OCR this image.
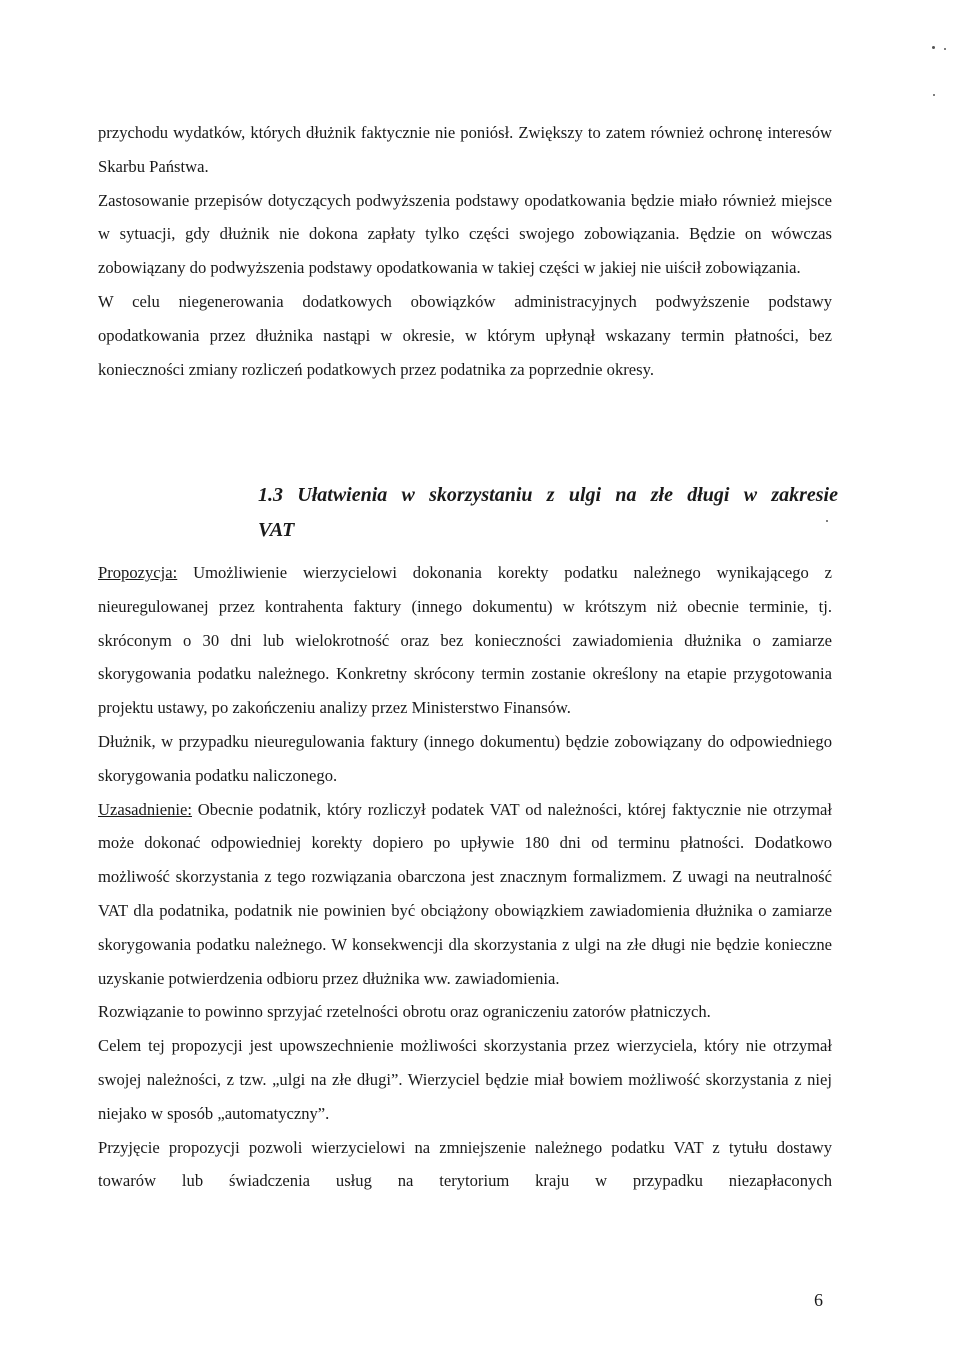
przychodu wydatków, których dłużnik faktycznie nie poniósł. Zwiększy to zatem również ochronę interesów Skarbu Państwa.

Zastosowanie przepisów dotyczących podwyższenia podstawy opodatkowania będzie miało również miejsce w sytuacji, gdy dłużnik nie dokona zapłaty tylko części swojego zobowiązania. Będzie on wówczas zobowiązany do podwyższenia podstawy opodatkowania w takiej części w jakiej nie uiścił zobowiązania.

W celu niegenerowania dodatkowych obowiązków administracyjnych podwyższenie podstawy opodatkowania przez dłużnika nastąpi w okresie, w którym upłynął wskazany termin płatności, bez konieczności zmiany rozliczeń podatkowych przez podatnika za poprzednie okresy.

1.3 Ułatwienia w skorzystaniu z ulgi na złe długi w zakresie
VAT

Propozycja: Umożliwienie wierzycielowi dokonania korekty podatku należnego wynikającego z nieuregulowanej przez kontrahenta faktury (innego dokumentu) w krótszym niż obecnie terminie, tj. skróconym o 30 dni lub wielokrotność oraz bez konieczności zawiadomienia dłużnika o zamiarze skorygowania podatku należnego. Konkretny skrócony termin zostanie określony na etapie przygotowania projektu ustawy, po zakończeniu analizy przez Ministerstwo Finansów.

Dłużnik, w przypadku nieuregulowania faktury (innego dokumentu) będzie zobowiązany do odpowiedniego skorygowania podatku naliczonego.

Uzasadnienie: Obecnie podatnik, który rozliczył podatek VAT od należności, której faktycznie nie otrzymał może dokonać odpowiedniej korekty dopiero po upływie 180 dni od terminu płatności. Dodatkowo możliwość skorzystania z tego rozwiązania obarczona jest znacznym formalizmem. Z uwagi na neutralność VAT dla podatnika, podatnik nie powinien być obciążony obowiązkiem zawiadomienia dłużnika o zamiarze skorygowania podatku należnego. W konsekwencji dla skorzystania z ulgi na złe długi nie będzie konieczne uzyskanie potwierdzenia odbioru przez dłużnika ww. zawiadomienia.

Rozwiązanie to powinno sprzyjać rzetelności obrotu oraz ograniczeniu zatorów płatniczych.

Celem tej propozycji jest upowszechnienie możliwości skorzystania przez wierzyciela, który nie otrzymał swojej należności, z tzw. „ulgi na złe długi”. Wierzyciel będzie miał bowiem możliwość skorzystania z niej niejako w sposób „automatyczny”.

Przyjęcie propozycji pozwoli wierzycielowi na zmniejszenie należnego podatku VAT z tytułu dostawy towarów lub świadczenia usług na terytorium kraju w przypadku niezapłaconych

6
